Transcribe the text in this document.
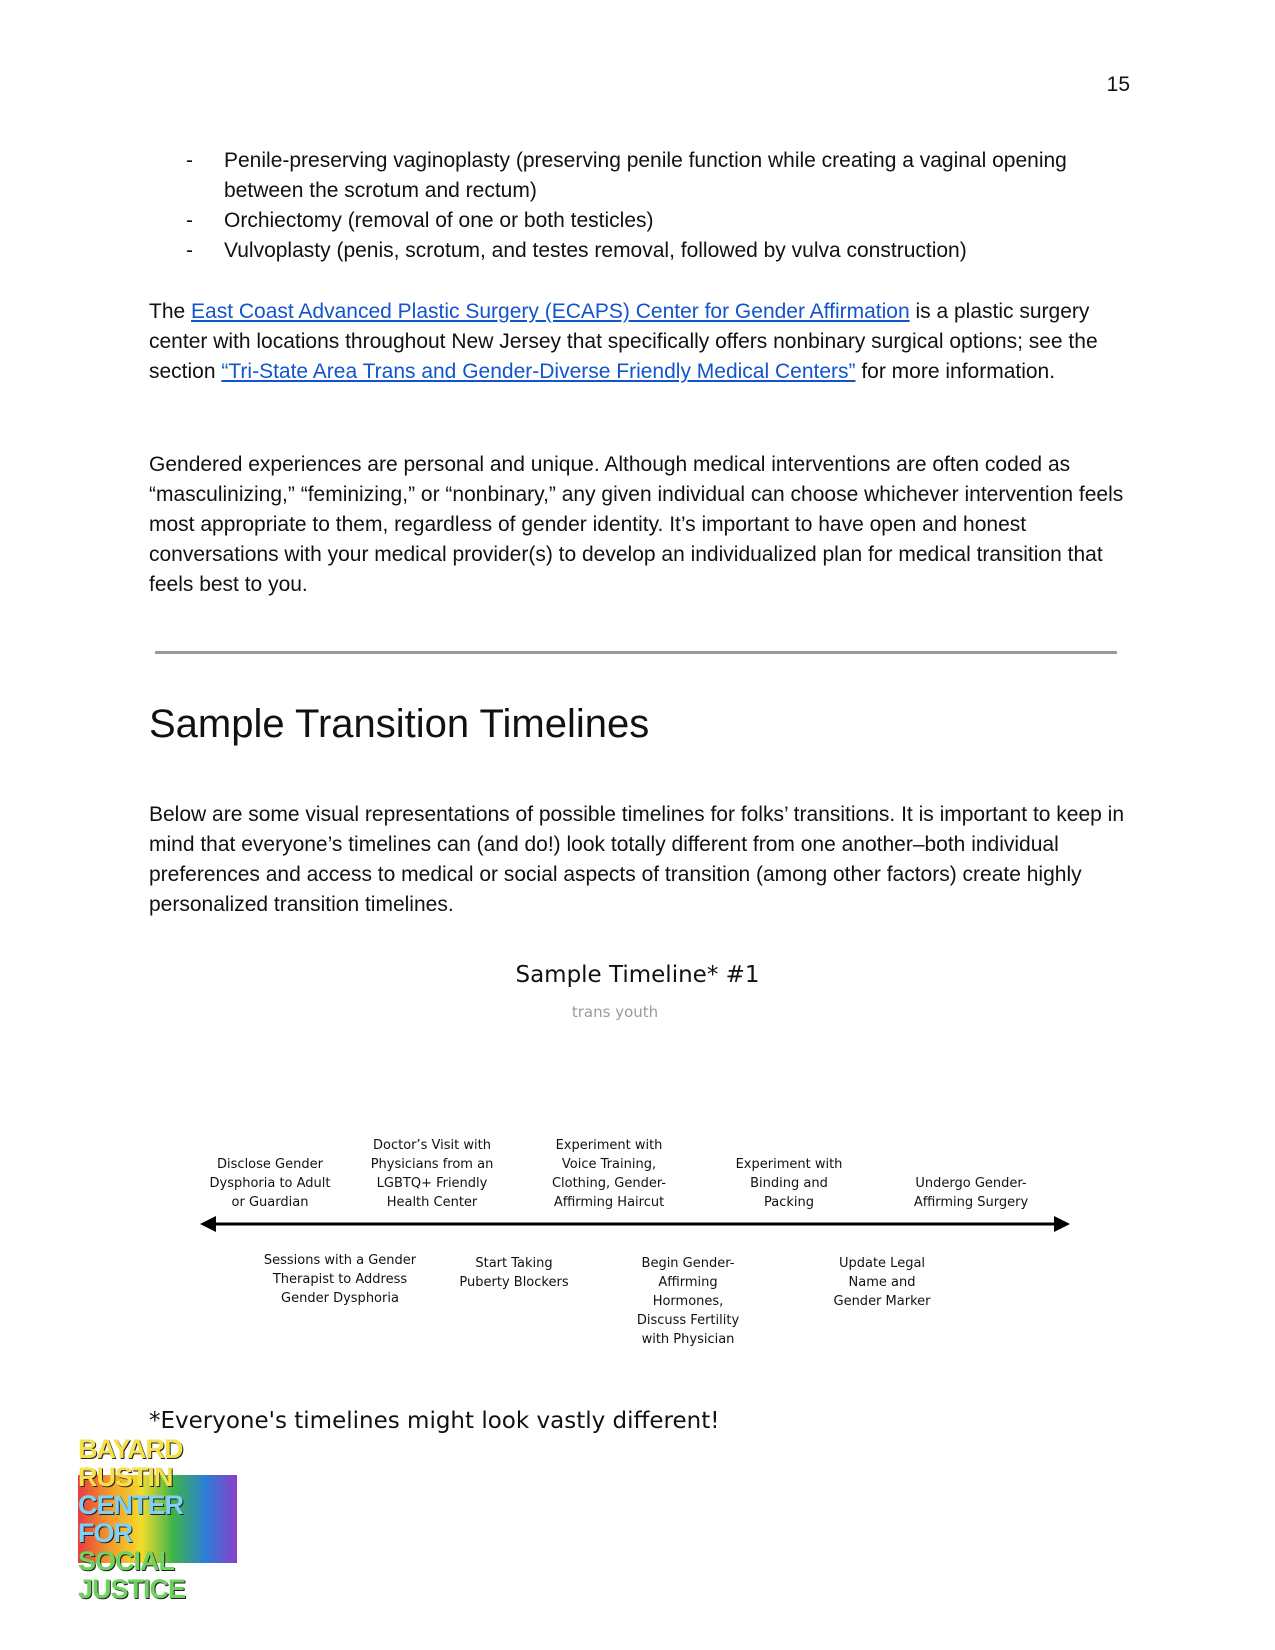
15
- Penile-preserving vaginoplasty (preserving penile function while creating a vaginal opening between the scrotum and rectum)
- Orchiectomy (removal of one or both testicles)
- Vulvoplasty (penis, scrotum, and testes removal, followed by vulva construction)

The East Coast Advanced Plastic Surgery (ECAPS) Center for Gender Affirmation is a plastic surgery center with locations throughout New Jersey that specifically offers nonbinary surgical options; see the section “Tri-State Area Trans and Gender-Diverse Friendly Medical Centers” for more information.

Gendered experiences are personal and unique. Although medical interventions are often coded as “masculinizing,” “feminizing,” or “nonbinary,” any given individual can choose whichever intervention feels most appropriate to them, regardless of gender identity. It’s important to have open and honest conversations with your medical provider(s) to develop an individualized plan for medical transition that feels best to you.

Sample Transition Timelines

Below are some visual representations of possible timelines for folks’ transitions. It is important to keep in mind that everyone’s timelines can (and do!) look totally different from one another–both individual preferences and access to medical or social aspects of transition (among other factors) create highly personalized transition timelines.

Sample Timeline* #1
trans youth
Disclose Gender
Dysphoria to Adult
or Guardian
Doctor’s Visit with
Physicians from an
LGBTQ+ Friendly
Health Center
Experiment with
Voice Training,
Clothing, Gender-
Affirming Haircut
Experiment with
Binding and
Packing
Undergo Gender-
Affirming Surgery
Sessions with a Gender
Therapist to Address
Gender Dysphoria
Start Taking
Puberty Blockers
Begin Gender-
Affirming
Hormones,
Discuss Fertility
with Physician
Update Legal
Name and
Gender Marker
*Everyone's timelines might look vastly different!
BAYARD RUSTIN
CENTER FOR
SOCIAL JUSTICE
